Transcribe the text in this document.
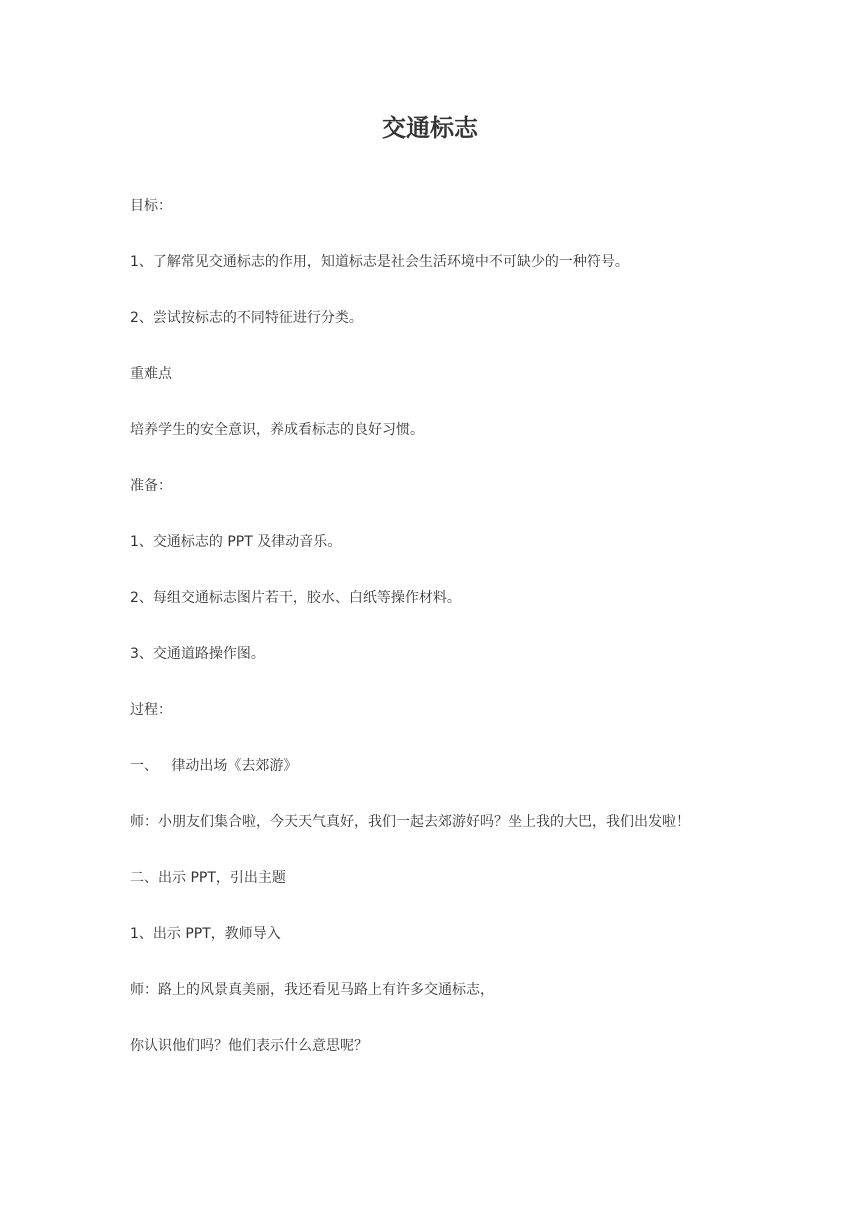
交通标志

目标：

1、了解常见交通标志的作用，知道标志是社会生活环境中不可缺少的一种符号。

2、尝试按标志的不同特征进行分类。

重难点

培养学生的安全意识，养成看标志的良好习惯。

准备：

1、交通标志的 PPT 及律动音乐。

2、每组交通标志图片若干，胶水、白纸等操作材料。

3、交通道路操作图。

过程：

一、   律动出场《去郊游》

师：小朋友们集合啦，今天天气真好，我们一起去郊游好吗？坐上我的大巴，我们出发啦！

二、出示 PPT，引出主题

1、出示 PPT，教师导入

师：路上的风景真美丽，我还看见马路上有许多交通标志，

你认识他们吗？他们表示什么意思呢？
